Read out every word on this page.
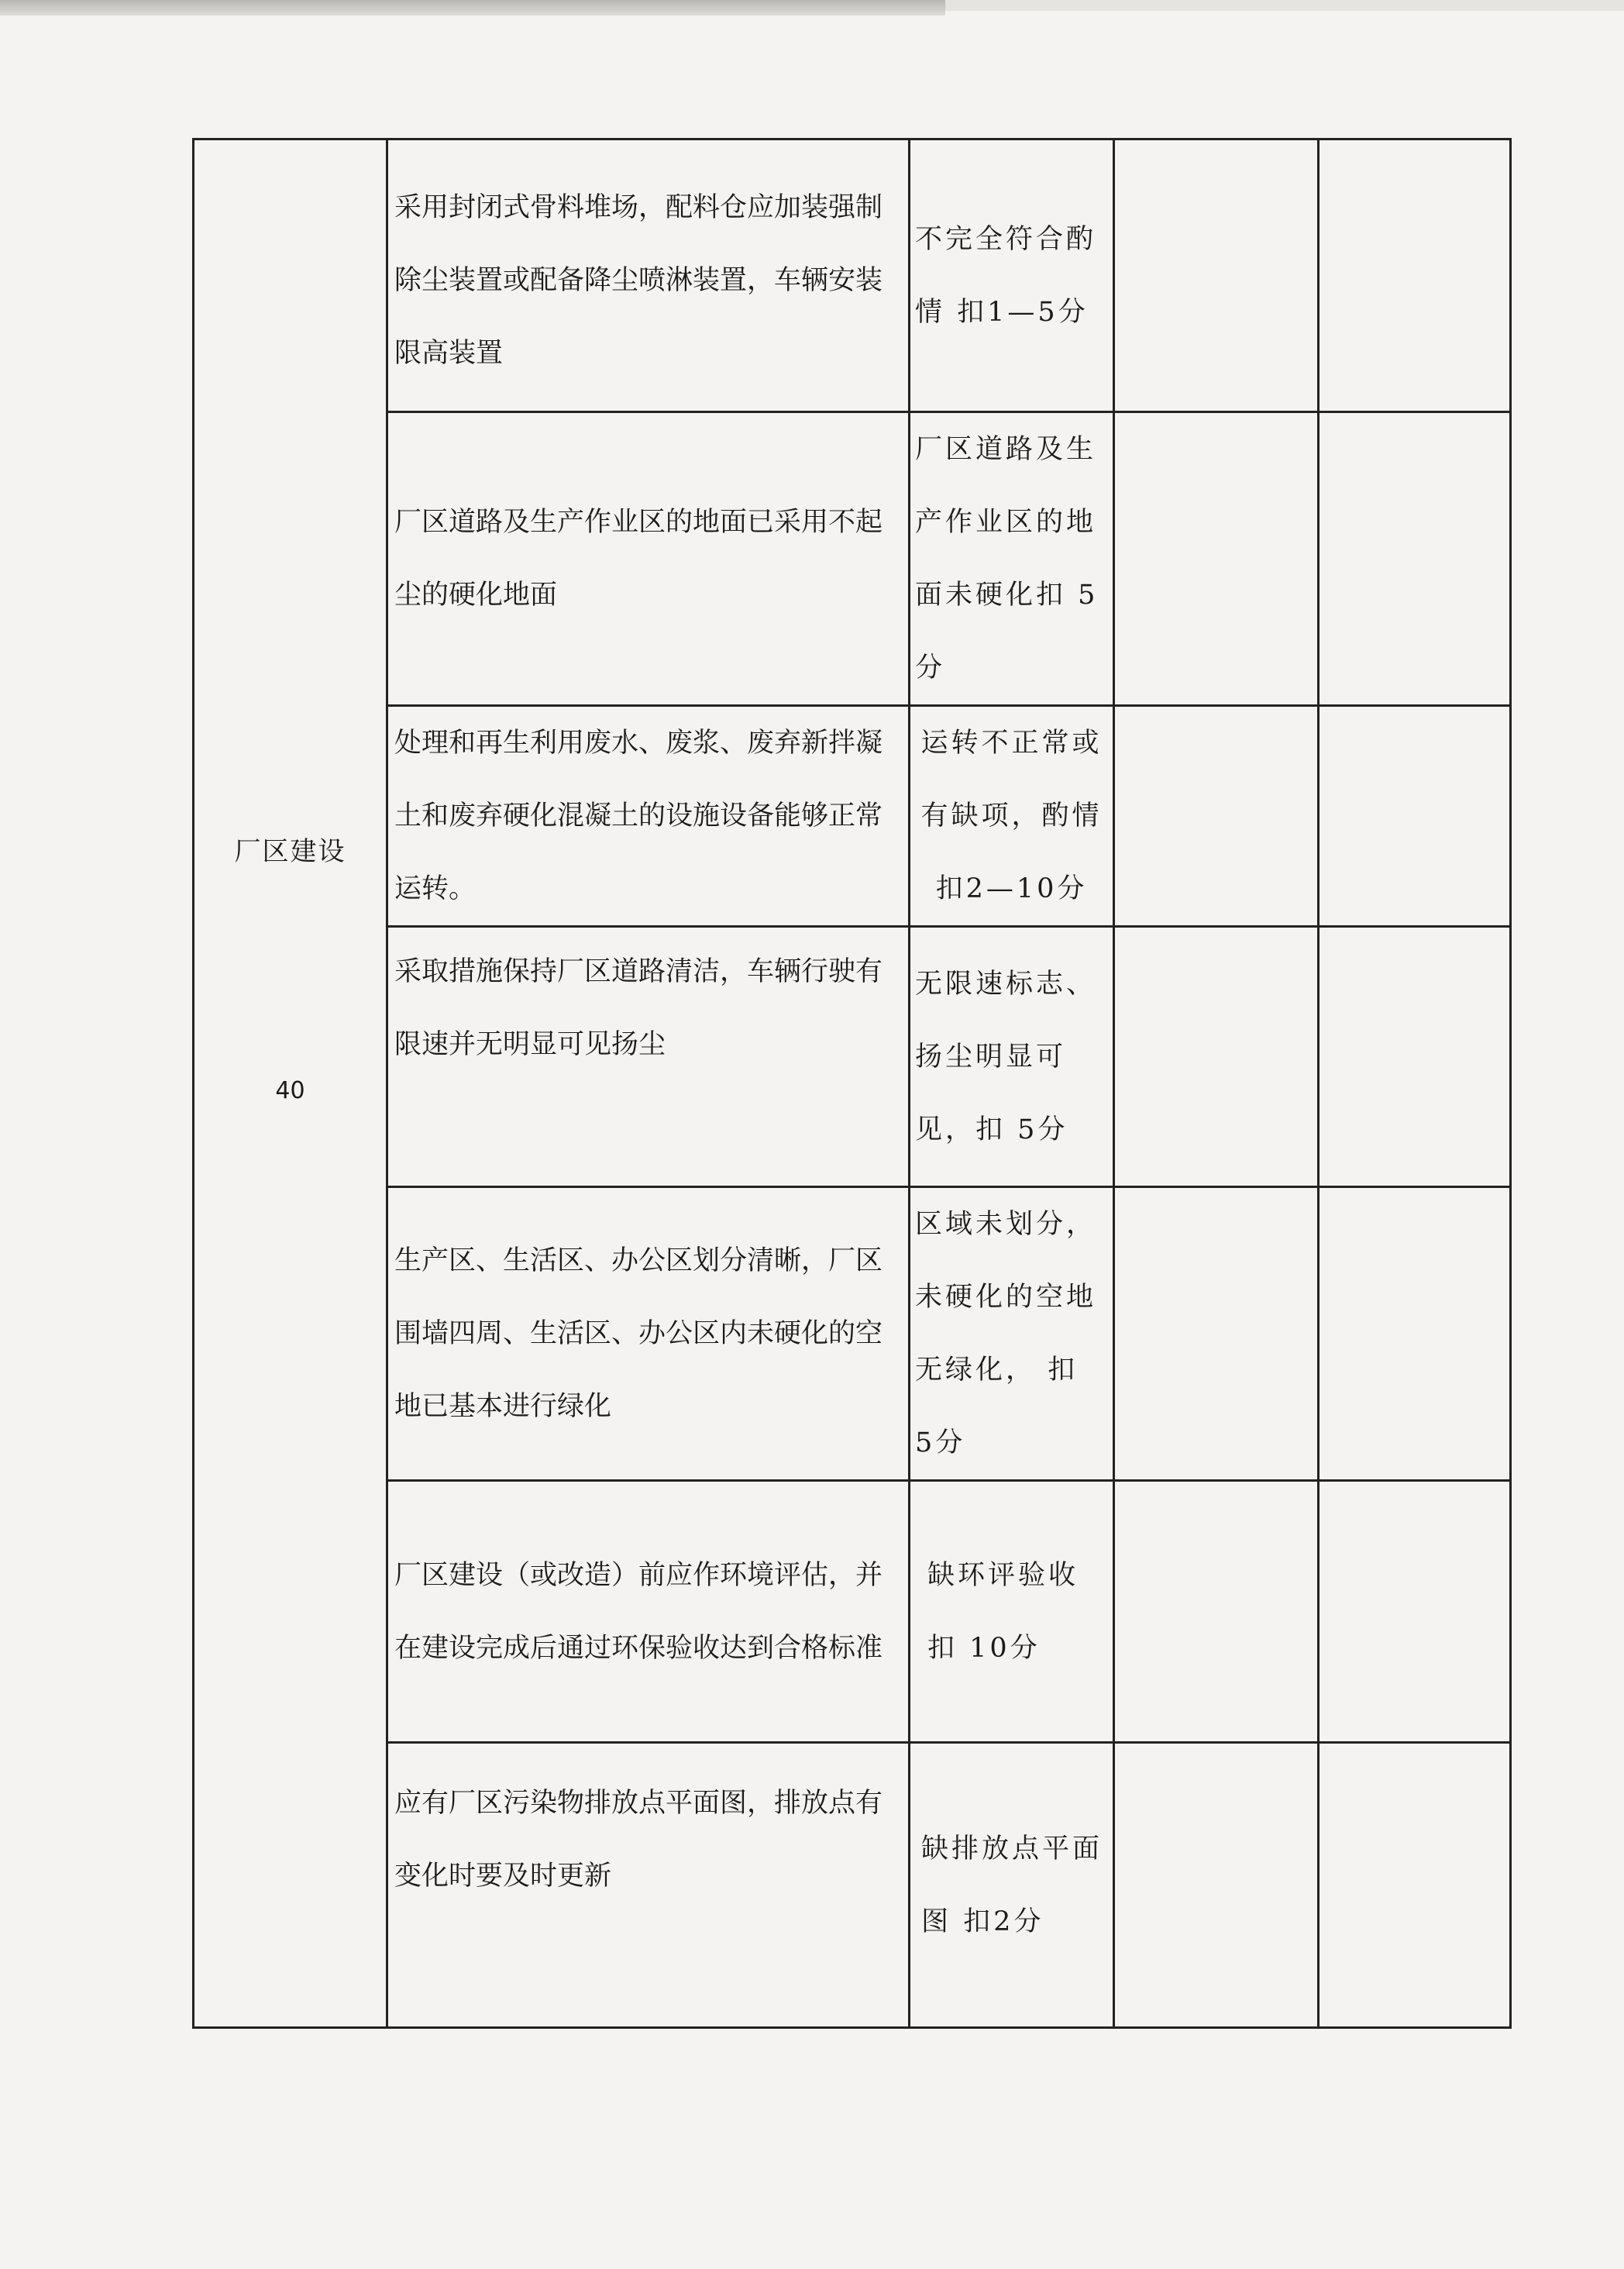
厂区建设
40	采用封闭式骨料堆场，配料仓应加装强制除尘装置或配备降尘喷淋装置，车辆安装限高装置	不完全符合酌情 扣1—5分		

	厂区道路及生产作业区的地面已采用不起尘的硬化地面	厂区道路及生产作业区的地面未硬化扣 5分		

	处理和再生利用废水、废浆、废弃新拌凝土和废弃硬化混凝土的设施设备能够正常运转。	运转不正常或有缺项，酌情扣2—10分		

	采取措施保持厂区道路清洁，车辆行驶有限速并无明显可见扬尘	无限速标志、扬尘明显可见，扣 5分		

	生产区、生活区、办公区划分清晰，厂区围墙四周、生活区、办公区内未硬化的空地已基本进行绿化	区域未划分，未硬化的空地无绿化， 扣 5分		

	厂区建设（或改造）前应作环境评估，并在建设完成后通过环保验收达到合格标准	缺环评验收扣 10分		

	应有厂区污染物排放点平面图，排放点有变化时要及时更新	缺排放点平面图 扣2分		
